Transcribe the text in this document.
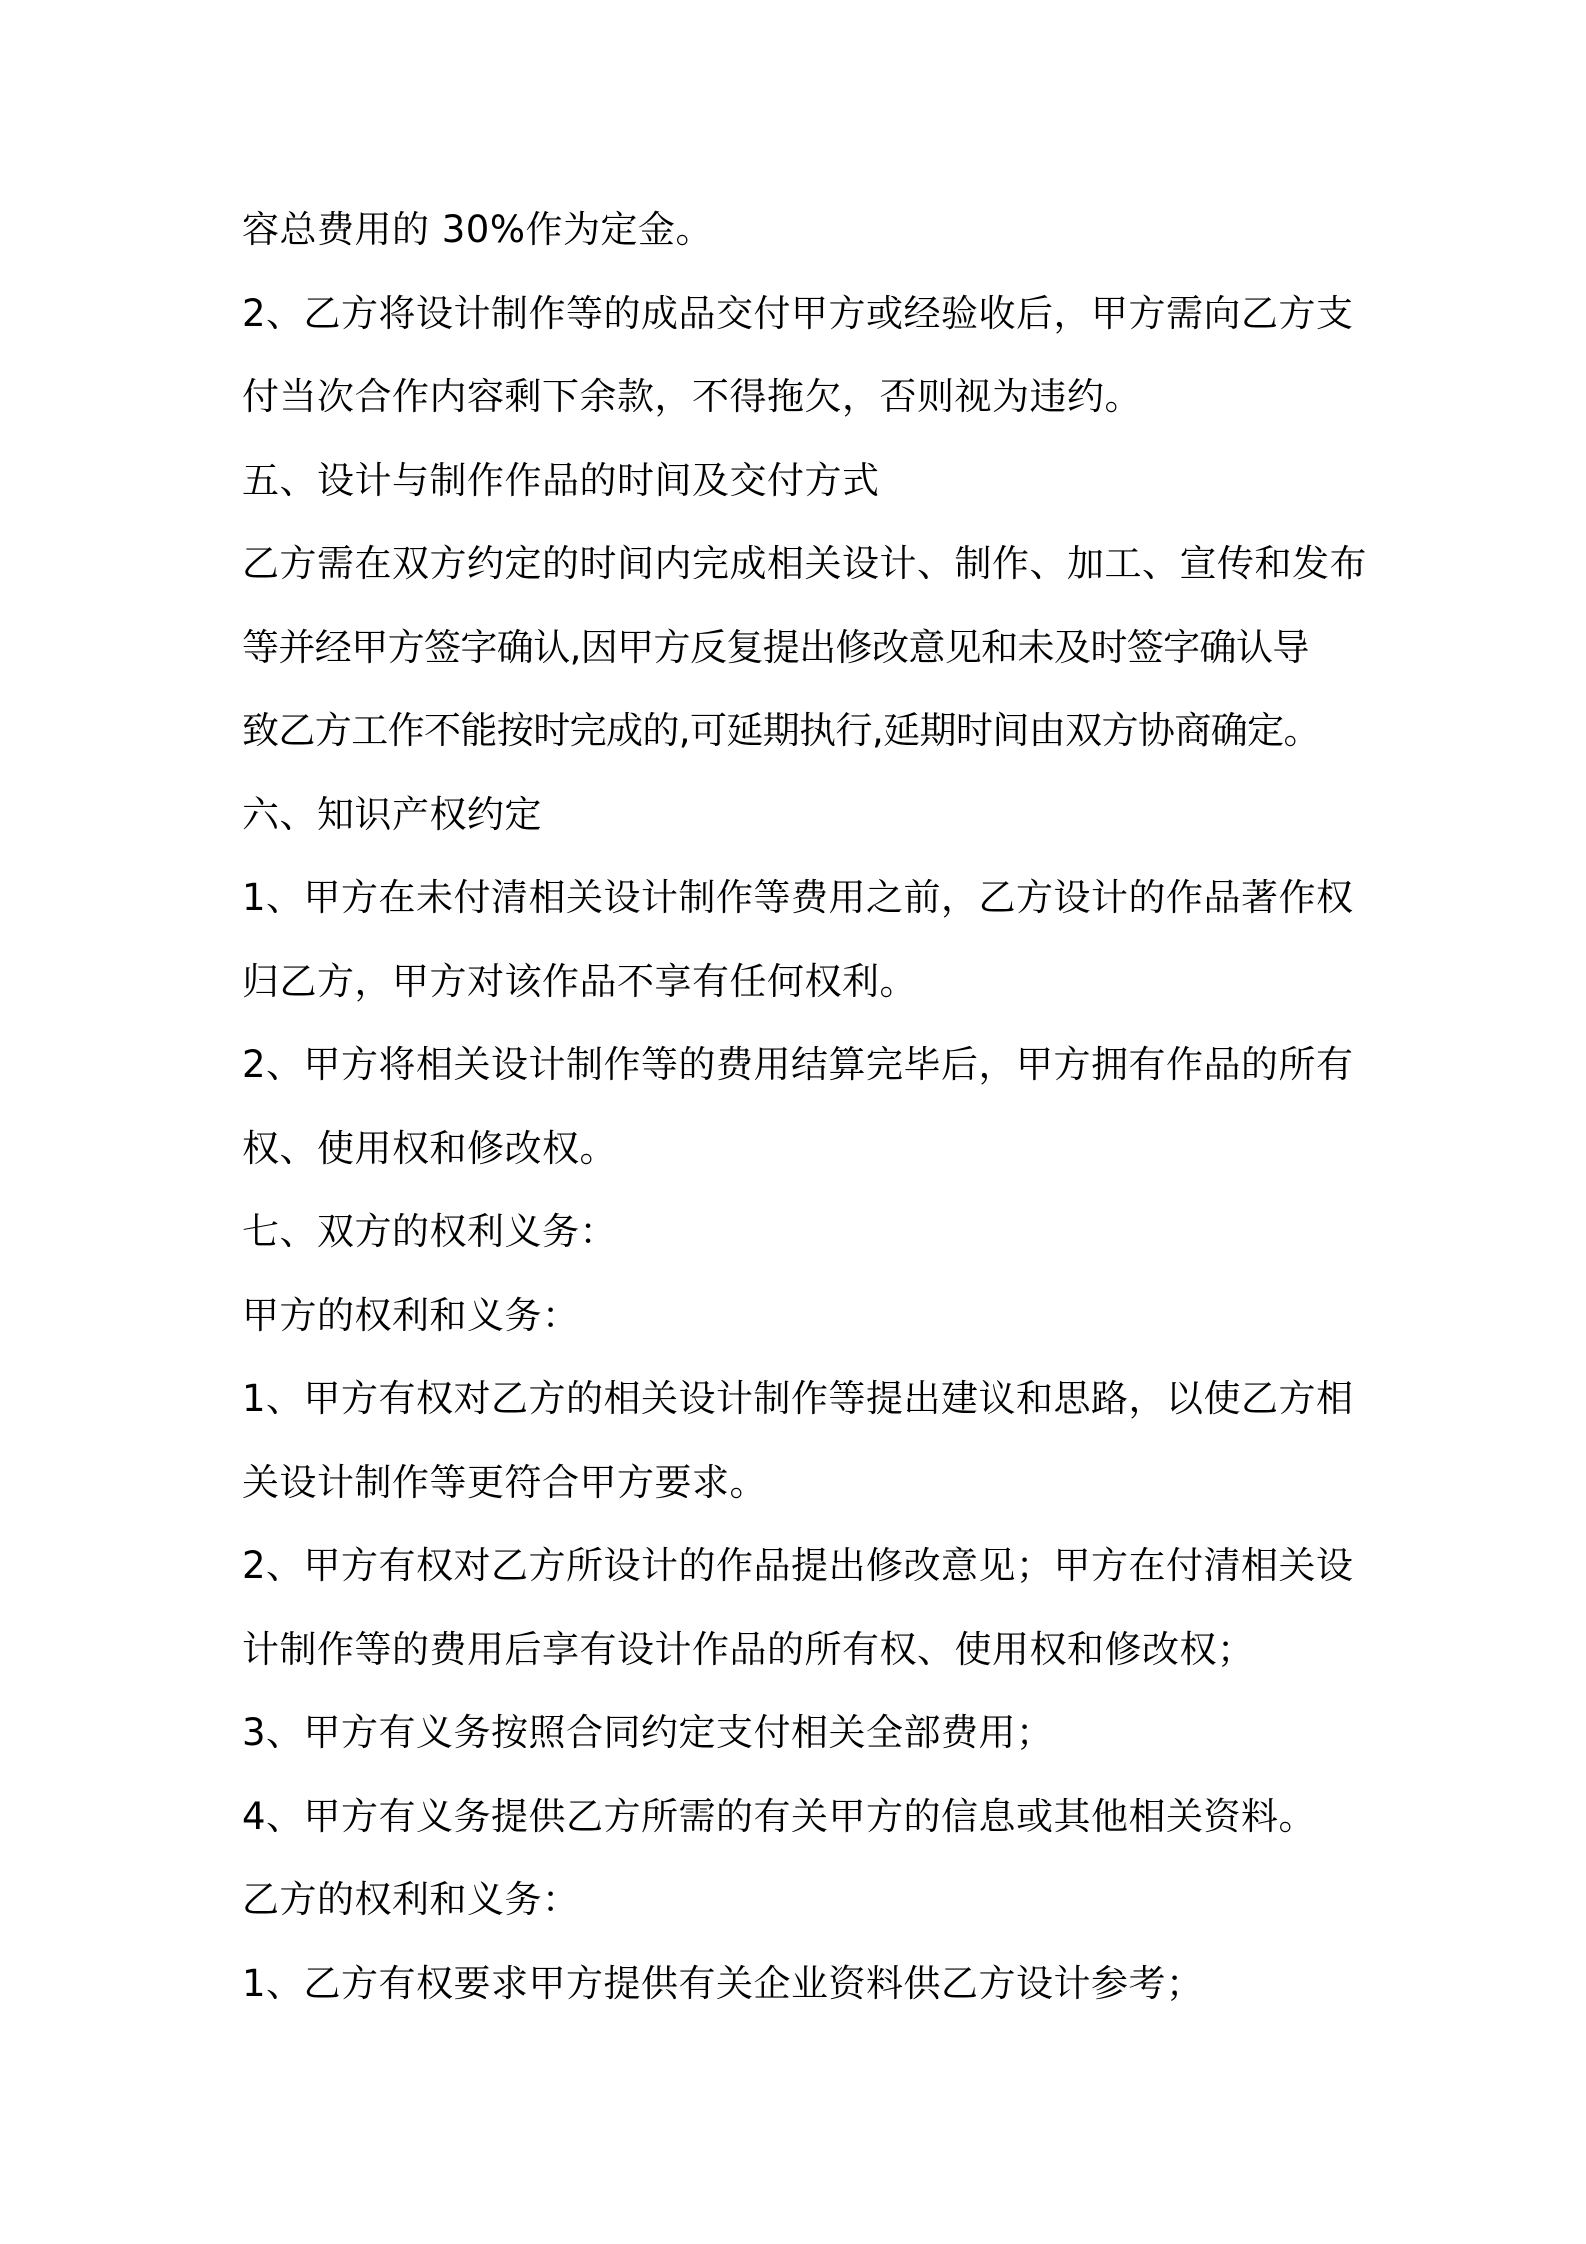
容总费用的 30%作为定金。
2、乙方将设计制作等的成品交付甲方或经验收后，甲方需向乙方支
付当次合作内容剩下余款，不得拖欠，否则视为违约。
五、设计与制作作品的时间及交付方式
乙方需在双方约定的时间内完成相关设计、制作、加工、宣传和发布
等并经甲方签字确认,因甲方反复提出修改意见和未及时签字确认导
致乙方工作不能按时完成的,可延期执行,延期时间由双方协商确定。
六、知识产权约定
1、甲方在未付清相关设计制作等费用之前，乙方设计的作品著作权
归乙方，甲方对该作品不享有任何权利。
2、甲方将相关设计制作等的费用结算完毕后，甲方拥有作品的所有
权、使用权和修改权。
七、双方的权利义务：
甲方的权利和义务：
1、甲方有权对乙方的相关设计制作等提出建议和思路，以使乙方相
关设计制作等更符合甲方要求。
2、甲方有权对乙方所设计的作品提出修改意见；甲方在付清相关设
计制作等的费用后享有设计作品的所有权、使用权和修改权；
3、甲方有义务按照合同约定支付相关全部费用；
4、甲方有义务提供乙方所需的有关甲方的信息或其他相关资料。
乙方的权利和义务：
1、乙方有权要求甲方提供有关企业资料供乙方设计参考；
